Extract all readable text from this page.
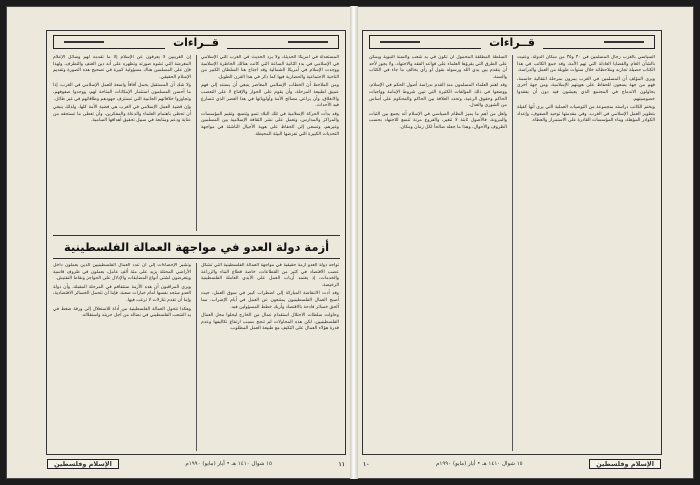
قــراءات

المستعداة في أمريكا الحديثة، ولا يرد الحديث في الغرب التي الإسلامي في الإسلامي في بدء الثانية الساعة التي كانت هنالك الخاطرة الإسلامية ووجدت الإسلام في أمريكا الشمالية وقد اجتاح هنا السلطان الكبير من الناحية الاجتماعية والحضارية فيها كما ذكر في هذا القرن الطويل.

ومن الملاحظ أن الخطاب الإسلامي المعاصر ينبغي أن يستند إلى فهم عميق لطبيعة المرحلة، وأن يقوم على الحوار والإقناع لا على التعصب والانغلاق، وأن يراعي مصالح الأمة وأولوياتها في هذا العصر الذي تتسارع فيه الأحداث.

وقد بدأت الحركة الإسلامية في تلك البلاد تنمو وتتسع، وتقيم المؤسسات والمراكز والمدارس، وتعمل على نشر الثقافة الإسلامية بين المسلمين وغيرهم، وتسعى إلى الحفاظ على هوية الأجيال الناشئة في مواجهة التحديات الكبيرة التي تفرضها البيئة المحيطة.

إن الغربيين لا يعرفون عن الإسلام إلا ما تقدمه لهم وسائل الإعلام المغرضة التي تشوه صورته وتظهره على أنه دين العنف والتطرف، ولهذا فإن على المسلمين هناك مسؤولية كبيرة في تصحيح هذه الصورة وتقديم الإسلام الحقيقي.

ولا شك أن المستقبل يحمل آفاقاً واسعة للعمل الإسلامي في الغرب، إذا ما أحسن المسلمون استثمار الإمكانات المتاحة لهم، ووحدوا صفوفهم، وتجاوزوا خلافاتهم الجانبية التي تستنزف جهودهم وطاقاتهم في غير طائل.

وإن قضية العمل الإسلامي في الغرب هي قضية الأمة كلها، ولذلك ينبغي أن تحظى باهتمام العلماء والدعاة والمفكرين، وأن تعطى ما تستحقه من عناية ودعم ومتابعة في سبيل تحقيق أهدافها السامية.

أزمة دولة العدو في مواجهة العمالة الفلسطينية

تواجه دولة العدو أزمة حقيقية في مواجهة العمالة الفلسطينية التي تشكل عصب الاقتصاد في كثير من القطاعات، خاصة قطاع البناء والزراعة والخدمات، إذ يعتمد أرباب العمل على الأيدي العاملة الفلسطينية الرخيصة.

وقد أدت الانتفاضة المباركة إلى اضطراب كبير في سوق العمل، حيث أصبح العمال الفلسطينيون يمتنعون عن العمل في أيام الإضراب، مما ألحق خسائر فادحة بالاقتصاد وأربك خطط المسؤولين فيه.

وحاولت سلطات الاحتلال استقدام عمال من الخارج ليحلوا محل العمال الفلسطينيين، لكن هذه المحاولات لم تنجح بسبب ارتفاع تكاليفها وعدم قدرة هؤلاء العمال على التكيف مع طبيعة العمل المطلوب.

وتشير الإحصاءات إلى أن عدد العمال الفلسطينيين الذين يعملون داخل الأراضي المحتلة يزيد على مئة ألف عامل، يعملون في ظروف قاسية ويتعرضون لشتى أنواع المضايقات والإذلال على الحواجز ونقاط التفتيش.

ويرى المراقبون أن هذه الأزمة ستتفاقم في المرحلة المقبلة، وأن دولة العدو ستجد نفسها أمام خيارات صعبة، فإما أن تتحمل الخسائر الاقتصادية، وإما أن تقدم تنازلات لا ترغب فيها.

وهكذا تتحول العمالة الفلسطينية من أداة للاستغلال إلى ورقة ضغط في يد الشعب الفلسطيني في نضاله من أجل حريته واستقلاله.

١١
١٥ ‏شوال ١٤١٠ هـ • أيار (مايو) ١٩٩٠م
الإسلام وفلسطين
قــراءات

السياسي بالغرب رجال المسلمين في ٣٠ و٣٥ من سكان الدولة، وعنيت بالشأن العام والقضايا العادلة التي تهم الأمة، وقد جمع الكاتب في هذا الكتاب حصيلة تجاربه وملاحظاته خلال سنوات طويلة من العمل والدراسة.

ويرى المؤلف أن المسلمين في الغرب يمرون بمرحلة انتقالية حاسمة، فهم من جهة يسعون للحفاظ على هويتهم الإسلامية، ومن جهة أخرى يحاولون الاندماج في المجتمع الذي يعيشون فيه دون أن يفقدوا خصوصيتهم.

ويختم الكاتب دراسته بمجموعة من التوصيات العملية التي يرى أنها كفيلة بتطوير العمل الإسلامي في الغرب، وفي مقدمتها توحيد الصفوف، وإعداد الكوادر المؤهلة، وبناء المؤسسات القادرة على الاستمرار والعطاء.

السلطة المطلقة المحمول أن تكون في يد شعب والسنة النبوية ويمكن على الطرق التي يقرؤها العلماء على قواعد الفقه والاجتهاد، ولا يجوز لأحد أن يتقدم بين يدي الله ورسوله بقول أو رأي يخالف ما جاء في الكتاب والسنة.

وقد اهتم العلماء المسلمون منذ القدم بدراسة أصول الحكم في الإسلام، ووضعوا في ذلك المؤلفات الكثيرة التي تبين شروط الإمامة وواجبات الحاكم وحقوق الرعية، وتحدد العلاقة بين الحاكم والمحكوم على أساس من الشورى والعدل.

ولعل من أهم ما يميز النظام السياسي في الإسلام أنه يجمع بين الثبات والمرونة، فالأصول ثابتة لا تتغير، والفروع مرنة تتسع للاجتهاد بحسب الظروف والأحوال، وهذا ما جعله صالحاً لكل زمان ومكان.

الإسلام وفلسطين
١٥ ‏شوال ١٤١٠ هـ • أيار (مايو) ١٩٩٠م
١٠
